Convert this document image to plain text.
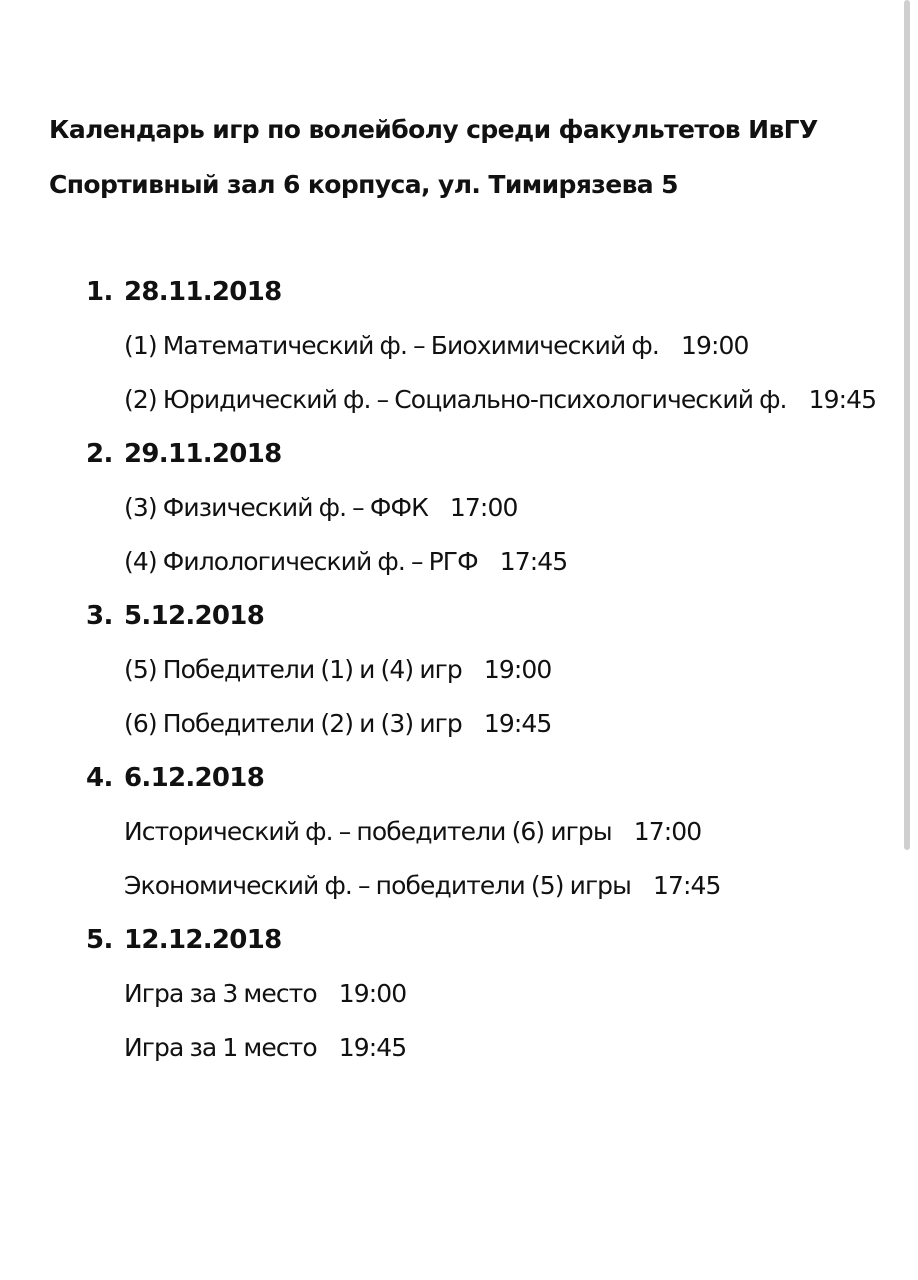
Календарь игр по волейболу среди факультетов ИвГУ
Спортивный зал 6 корпуса, ул. Тимирязева 5
1. 28.11.2018
(1) Математический ф. – Биохимический ф. 19:00
(2) Юридический ф. – Социально-психологический ф. 19:45
2. 29.11.2018
(3) Физический ф. – ФФК 17:00
(4) Филологический ф. – РГФ 17:45
3. 5.12.2018
(5) Победители (1) и (4) игр 19:00
(6) Победители (2) и (3) игр 19:45
4. 6.12.2018
Исторический ф. – победители (6) игры 17:00
Экономический ф. – победители (5) игры 17:45
5. 12.12.2018
Игра за 3 место 19:00
Игра за 1 место 19:45
